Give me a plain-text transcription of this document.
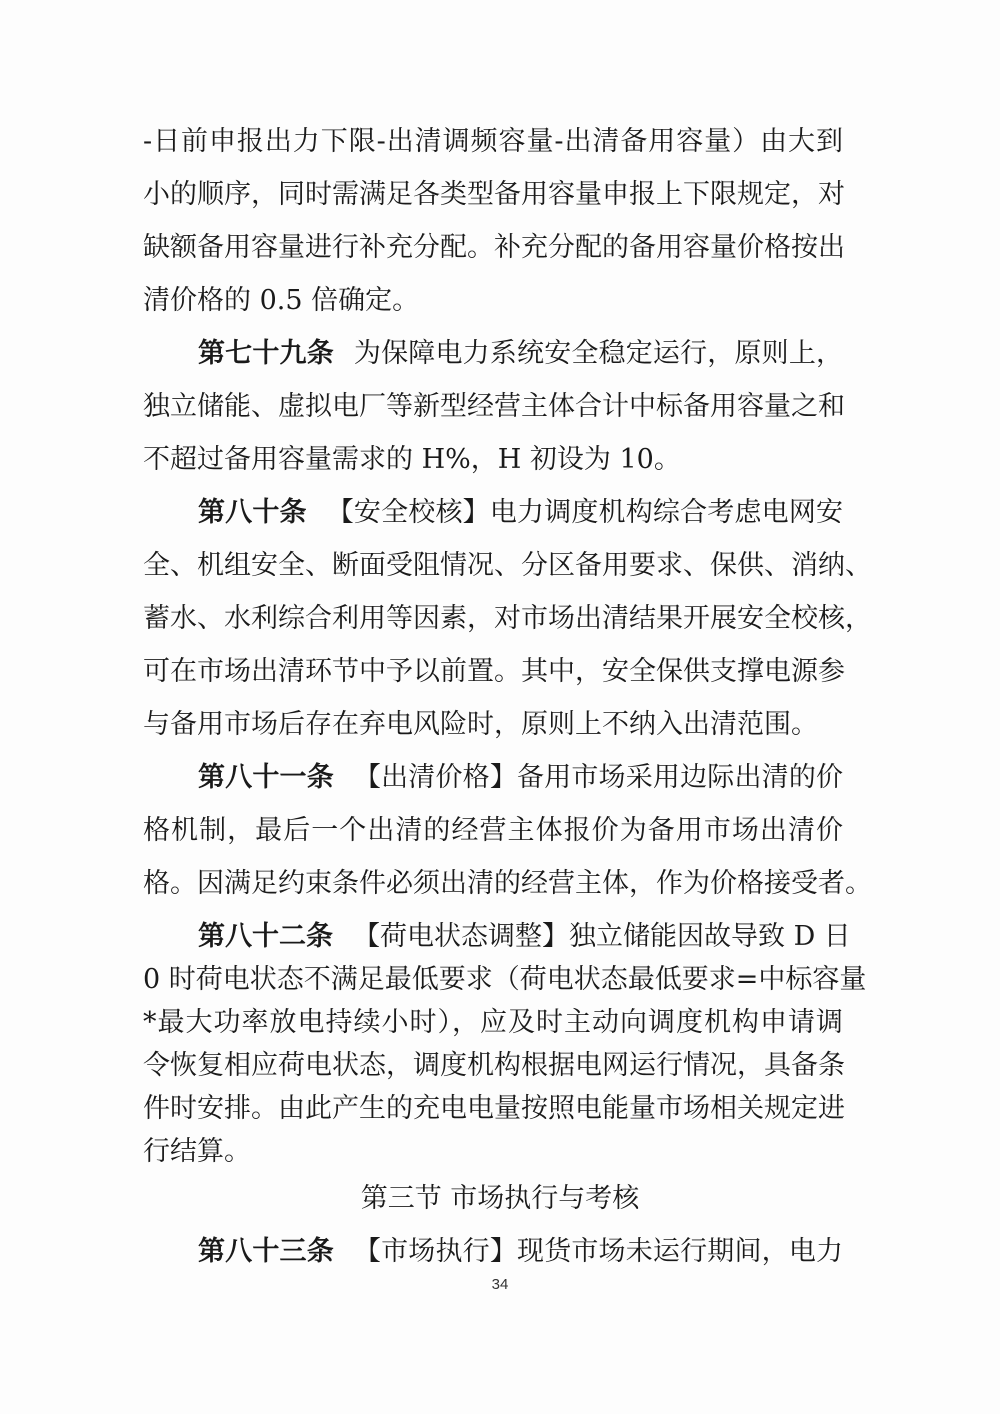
-日前申报出力下限-出清调频容量-出清备用容量）由大到
小的顺序，同时需满足各类型备用容量申报上下限规定，对
缺额备用容量进行补充分配。补充分配的备用容量价格按出
清价格的 0.5 倍确定。
第七十九条 为保障电力系统安全稳定运行，原则上，
独立储能、虚拟电厂等新型经营主体合计中标备用容量之和
不超过备用容量需求的 H%，H 初设为 10。
第八十条 【安全校核】电力调度机构综合考虑电网安
全、机组安全、断面受阻情况、分区备用要求、保供、消纳、
蓄水、水利综合利用等因素，对市场出清结果开展安全校核，
可在市场出清环节中予以前置。其中，安全保供支撑电源参
与备用市场后存在弃电风险时，原则上不纳入出清范围。
第八十一条 【出清价格】备用市场采用边际出清的价
格机制，最后一个出清的经营主体报价为备用市场出清价
格。因满足约束条件必须出清的经营主体，作为价格接受者。
第八十二条 【荷电状态调整】独立储能因故导致 D 日
0 时荷电状态不满足最低要求（荷电状态最低要求=中标容量
*最大功率放电持续小时），应及时主动向调度机构申请调
令恢复相应荷电状态，调度机构根据电网运行情况，具备条
件时安排。由此产生的充电电量按照电能量市场相关规定进
第三节 市场执行与考核
第八十三条 【市场执行】现货市场未运行期间，电力
34
行结算。
